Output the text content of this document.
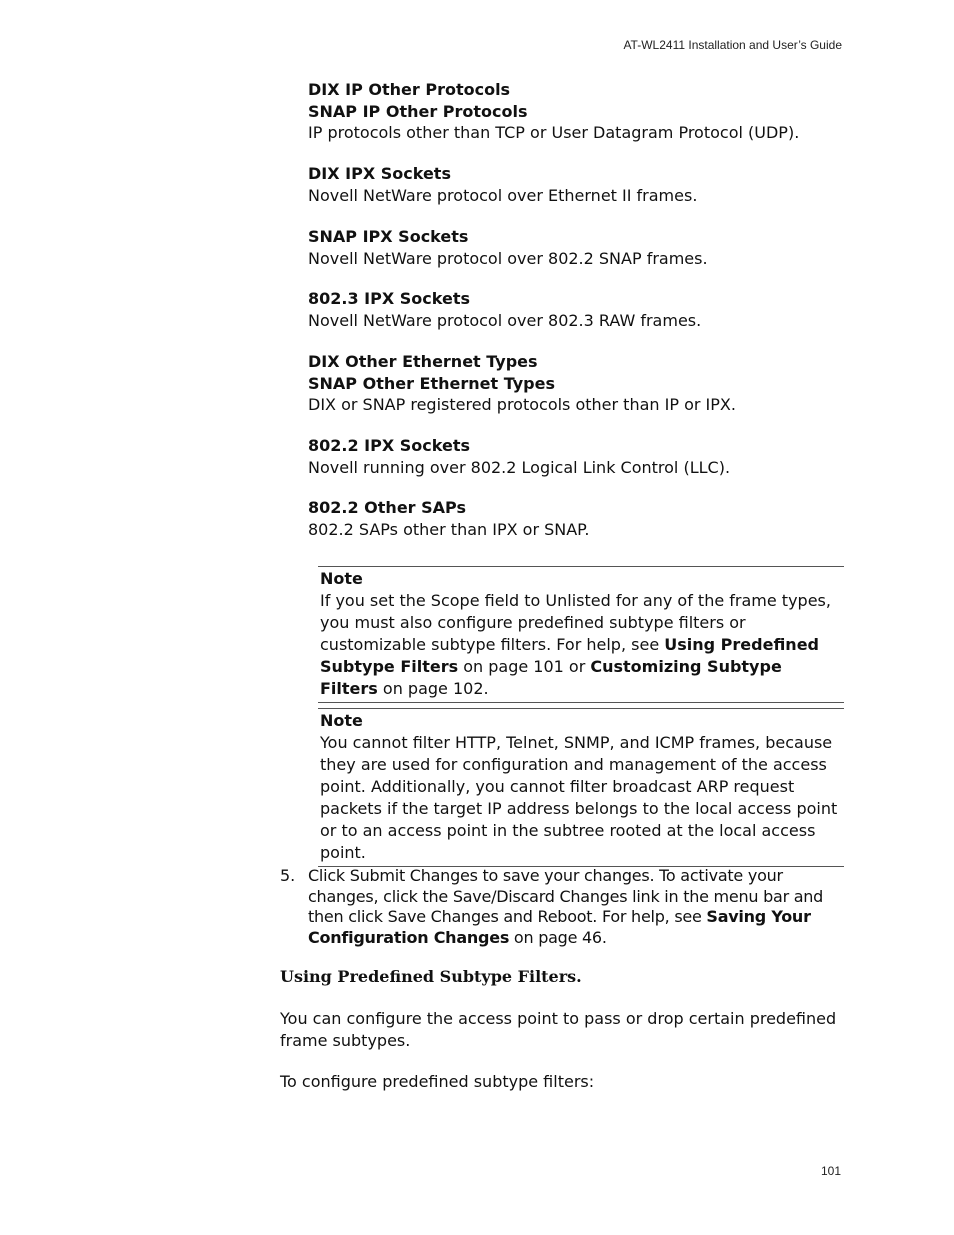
AT-WL2411 Installation and User’s Guide
DIX IP Other Protocols
SNAP IP Other Protocols
IP protocols other than TCP or User Datagram Protocol (UDP).
DIX IPX Sockets
Novell NetWare protocol over Ethernet II frames.
SNAP IPX Sockets
Novell NetWare protocol over 802.2 SNAP frames.
802.3 IPX Sockets
Novell NetWare protocol over 802.3 RAW frames.
DIX Other Ethernet Types
SNAP Other Ethernet Types
DIX or SNAP registered protocols other than IP or IPX.
802.2 IPX Sockets
Novell running over 802.2 Logical Link Control (LLC).
802.2 Other SAPs
802.2 SAPs other than IPX or SNAP.
Note
If you set the Scope field to Unlisted for any of the frame types, you must also configure predefined subtype filters or customizable subtype filters. For help, see Using Predefined Subtype Filters on page 101 or Customizing Subtype Filters on page 102.
Note
You cannot filter HTTP, Telnet, SNMP, and ICMP frames, because they are used for configuration and management of the access point. Additionally, you cannot filter broadcast ARP request packets if the target IP address belongs to the local access point or to an access point in the subtree rooted at the local access point.
5. Click Submit Changes to save your changes. To activate your changes, click the Save/Discard Changes link in the menu bar and then click Save Changes and Reboot. For help, see Saving Your Configuration Changes on page 46.
Using Predefined Subtype Filters.
You can configure the access point to pass or drop certain predefined frame subtypes.
To configure predefined subtype filters:
101
